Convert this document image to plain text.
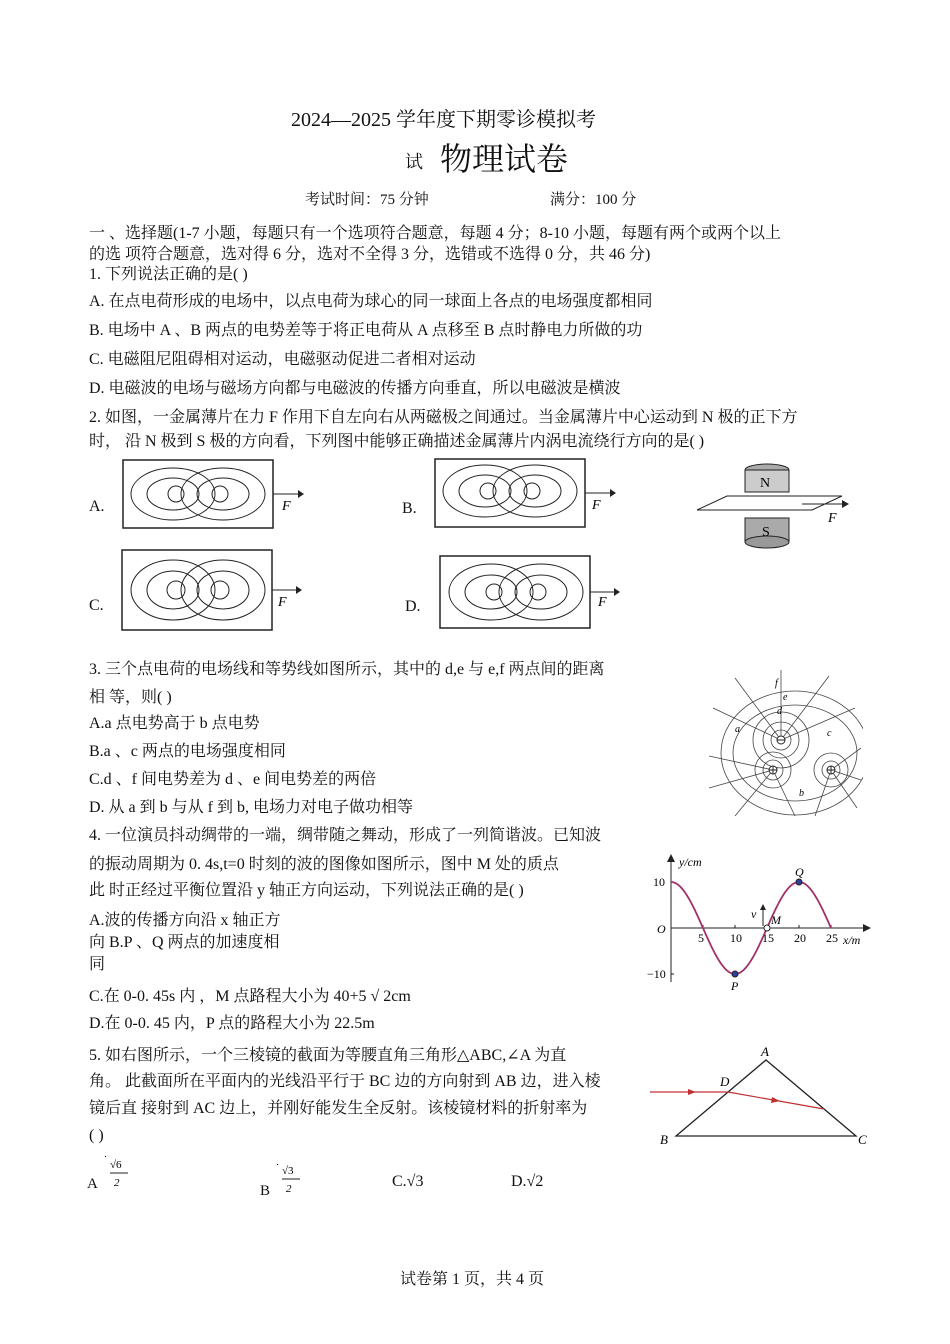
2024—2025 学年度下期零诊模拟考
试 物理试卷
考试时间：75 分钟	满分：100 分
一 、选择题(1-7 小题，每题只有一个选项符合题意，每题 4 分；8-10 小题，每题有两个或两个以上
的选 项符合题意，选对得 6 分，选对不全得 3 分，选错或不选得 0 分，共 46 分)
1. 下列说法正确的是( )
A. 在点电荷形成的电场中，以点电荷为球心的同一球面上各点的电场强度都相同
B. 电场中 A 、B 两点的电势差等于将正电荷从 A 点移至 B 点时静电力所做的功
C. 电磁阻尼阻碍相对运动，电磁驱动促进二者相对运动
D. 电磁波的电场与磁场方向都与电磁波的传播方向垂直，所以电磁波是横波
2. 如图，一金属薄片在力 F 作用下自左向右从两磁极之间通过。当金属薄片中心运动到 N 极的正下方
时， 沿 N 极到 S 极的方向看，下列图中能够正确描述金属薄片内涡电流绕行方向的是( )
A.	F	B.	F
N
F
S
C.	F	D.	F
3. 三个点电荷的电场线和等势线如图所示，其中的 d,e 与 e,f 两点间的距离
相 等，则( )
A.a 点电势高于 b 点电势
B.a 、c 两点的电场强度相同
C.d 、f 间电势差为 d 、e 间电势差的两倍
D. 从 a 到 b 与从 f 到 b, 电场力对电子做功相等
f
e
d
a	c
b
4. 一位演员抖动绸带的一端，绸带随之舞动，形成了一列简谐波。已知波
的振动周期为 0. 4s,t=0 时刻的波的图像如图所示，图中 M 处的质点
此 时正经过平衡位置沿 y 轴正方向运动，下列说法正确的是( )
A.波的传播方向沿 x 轴正方
向 B.P 、Q 两点的加速度相
同
C.在 0-0. 45s 内 ，M 点路程大小为 40+5 √ 2cm
D.在 0-0. 45 内，P 点的路程大小为 22.5m
y/cm
x/m
O
5 10 15 20 25
10
−10
P
Q
M
v
5. 如右图所示，一个三棱镜的截面为等腰直角三角形△ABC,∠A 为直
角。 此截面所在平面内的光线沿平行于 BC 边的方向射到 AB 边，进入棱
镜后直 接射到 AC 边上，并刚好能发生全反射。该棱镜材料的折射率为
( )
A
D
B	C
A
·
√6
2	B
· √3
2	C.√3	D.√2
试卷第 1 页，共 4 页
